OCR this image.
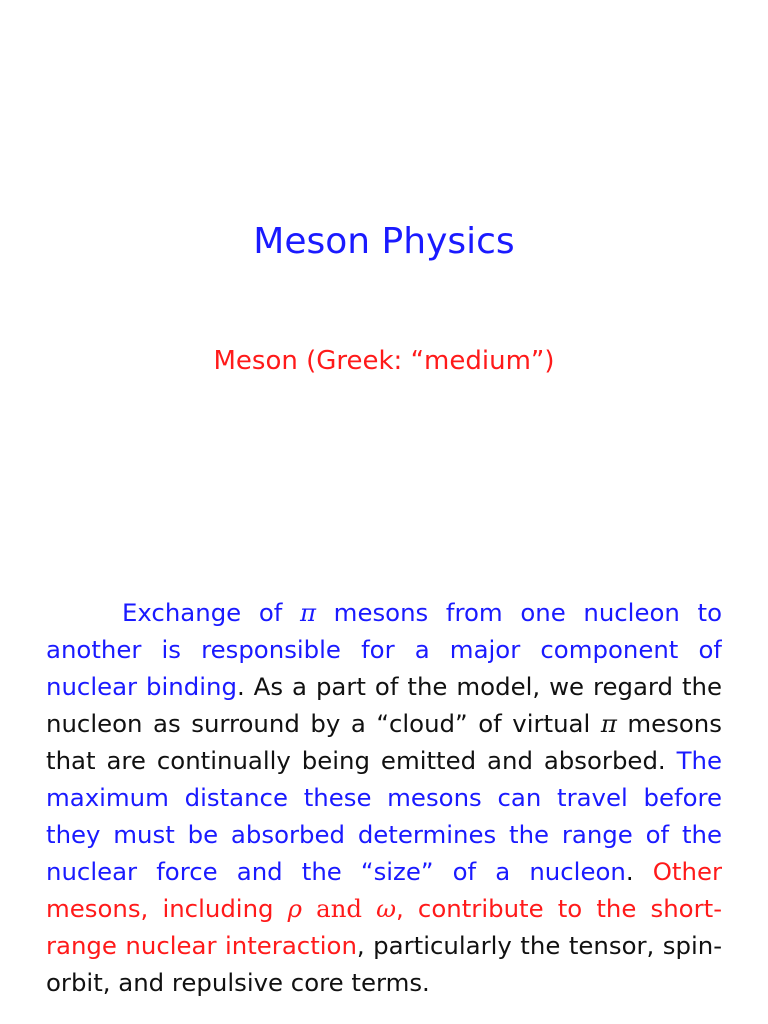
Meson Physics

Meson (Greek: “medium”)

Exchange of π mesons from one nucleon to another is responsible for a major component of nuclear binding. As a part of the model, we regard the nucleon as surround by a “cloud” of virtual π mesons that are continually being emitted and absorbed. The maximum distance these mesons can travel before they must be absorbed determines the range of the nuclear force and the “size” of a nucleon. Other mesons, including ρ and ω, contribute to the short-range nuclear interaction, particularly the tensor, spin-orbit, and repulsive core terms.
